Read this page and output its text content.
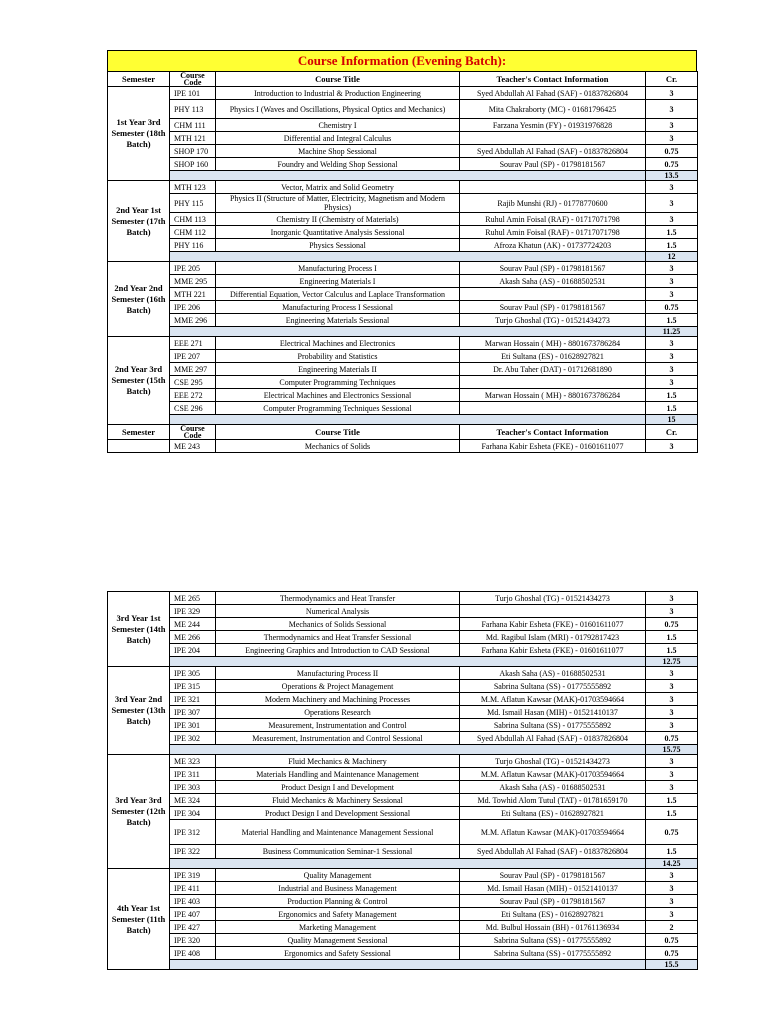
Course Information (Evening Batch):
Semester	Course Code	Course Title	Teacher's Contact Information	Cr.
1st Year 3rd Semester (18th Batch)	IPE 101	Introduction to Industrial & Production Engineering	Syed Abdullah Al Fahad (SAF) - 01837826804	3
	PHY 113	Physics I (Waves and Oscillations, Physical Optics and Mechanics)	Mita Chakraborty (MC) - 01681796425	3
	CHM 111	Chemistry I	Farzana Yesmin (FY) - 01931976828	3
	MTH 121	Differential and Integral Calculus		3
	SHOP 170	Machine Shop Sessional	Syed Abdullah Al Fahad (SAF) - 01837826804	0.75
	SHOP 160	Foundry and Welding Shop Sessional	Sourav Paul (SP) - 01798181567	0.75
				13.5
2nd Year 1st Semester (17th Batch)	MTH 123	Vector, Matrix and Solid Geometry		3
	PHY 115	Physics II (Structure of Matter, Electricity, Magnetism and Modern Physics)	Rajib Munshi (RJ) - 01778770600	3
	CHM 113	Chemistry II (Chemistry of Materials)	Ruhul Amin Foisal (RAF) - 01717071798	3
	CHM 112	Inorganic Quantitative Analysis Sessional	Ruhul Amin Foisal (RAF) - 01717071798	1.5
	PHY 116	Physics Sessional	Afroza Khatun (AK) - 01737724203	1.5
				12
2nd Year 2nd Semester (16th Batch)	IPE 205	Manufacturing Process I	Sourav Paul (SP) - 01798181567	3
	MME 295	Engineering Materials I	Akash Saha (AS) - 01688502531	3
	MTH 221	Differential Equation, Vector Calculus and Laplace Transformation		3
	IPE 206	Manufacturing Process I Sessional	Sourav Paul (SP) - 01798181567	0.75
	MME 296	Engineering Materials Sessional	Turjo Ghoshal (TG) - 01521434273	1.5
				11.25
2nd Year 3rd Semester (15th Batch)	EEE 271	Electrical Machines and Electronics	Marwan Hossain ( MH) - 8801673786284	3
	IPE 207	Probability and Statistics	Eti Sultana (ES) - 01628927821	3
	MME 297	Engineering Materials II	Dr. Abu Taher (DAT) - 01712681890	3
	CSE 295	Computer Programming Techniques		3
	EEE 272	Electrical Machines and Electronics Sessional	Marwan Hossain ( MH) - 8801673786284	1.5
	CSE 296	Computer Programming Techniques Sessional		1.5
				15
Semester	Course Code	Course Title	Teacher's Contact Information	Cr.
	ME 243	Mechanics of Solids	Farhana Kabir Esheta (FKE) - 01601611077	3
3rd Year 1st Semester (14th Batch)	ME 265	Thermodynamics and Heat Transfer	Turjo Ghoshal (TG) - 01521434273	3
	IPE 329	Numerical Analysis		3
	ME 244	Mechanics of Solids Sessional	Farhana Kabir Esheta (FKE) - 01601611077	0.75
	ME 266	Thermodynamics and Heat Transfer Sessional	Md. Ragibul Islam (MRI) - 01792817423	1.5
	IPE 204	Engineering Graphics and Introduction to CAD Sessional	Farhana Kabir Esheta (FKE) - 01601611077	1.5
				12.75
3rd Year 2nd Semester (13th Batch)	IPE 305	Manufacturing Process II	Akash Saha (AS) - 01688502531	3
	IPE 315	Operations & Project Management	Sabrina Sultana (SS) - 01775555892	3
	IPE 321	Modern Machinery and Machining Processes	M.M. Aflatun Kawsar (MAK)-01703594664	3
	IPE 307	Operations Research	Md. Ismail Hasan (MIH) - 01521410137	3
	IPE 301	Measurement, Instrumentation and Control	Sabrina Sultana (SS) - 01775555892	3
	IPE 302	Measurement, Instrumentation and Control Sessional	Syed Abdullah Al Fahad (SAF) - 01837826804	0.75
				15.75
3rd Year 3rd Semester (12th Batch)	ME 323	Fluid Mechanics & Machinery	Turjo Ghoshal (TG) - 01521434273	3
	IPE 311	Materials Handling and Maintenance Management	M.M. Aflatun Kawsar (MAK)-01703594664	3
	IPE 303	Product Design I and Development	Akash Saha (AS) - 01688502531	3
	ME 324	Fluid Mechanics & Machinery Sessional	Md. Towhid Alom Tutul (TAT) - 01781659170	1.5
	IPE 304	Product Design I and Development Sessional	Eti Sultana (ES) - 01628927821	1.5
	IPE 312	Material Handling and Maintenance Management Sessional	M.M. Aflatun Kawsar (MAK)-01703594664	0.75
	IPE 322	Business Communication Seminar-1 Sessional	Syed Abdullah Al Fahad (SAF) - 01837826804	1.5
				14.25
4th Year 1st Semester (11th Batch)	IPE 319	Quality Management	Sourav Paul (SP) - 01798181567	3
	IPE 411	Industrial and Business Management	Md. Ismail Hasan (MIH) - 01521410137	3
	IPE 403	Production Planning & Control	Sourav Paul (SP) - 01798181567	3
	IPE 407	Ergonomics and Safety Management	Eti Sultana (ES) - 01628927821	3
	IPE 427	Marketing Management	Md. Bulbul Hossain (BH) - 01761136934	2
	IPE 320	Quality Management Sessional	Sabrina Sultana (SS) - 01775555892	0.75
	IPE 408	Ergonomics and Safety Sessional	Sabrina Sultana (SS) - 01775555892	0.75
				15.5
